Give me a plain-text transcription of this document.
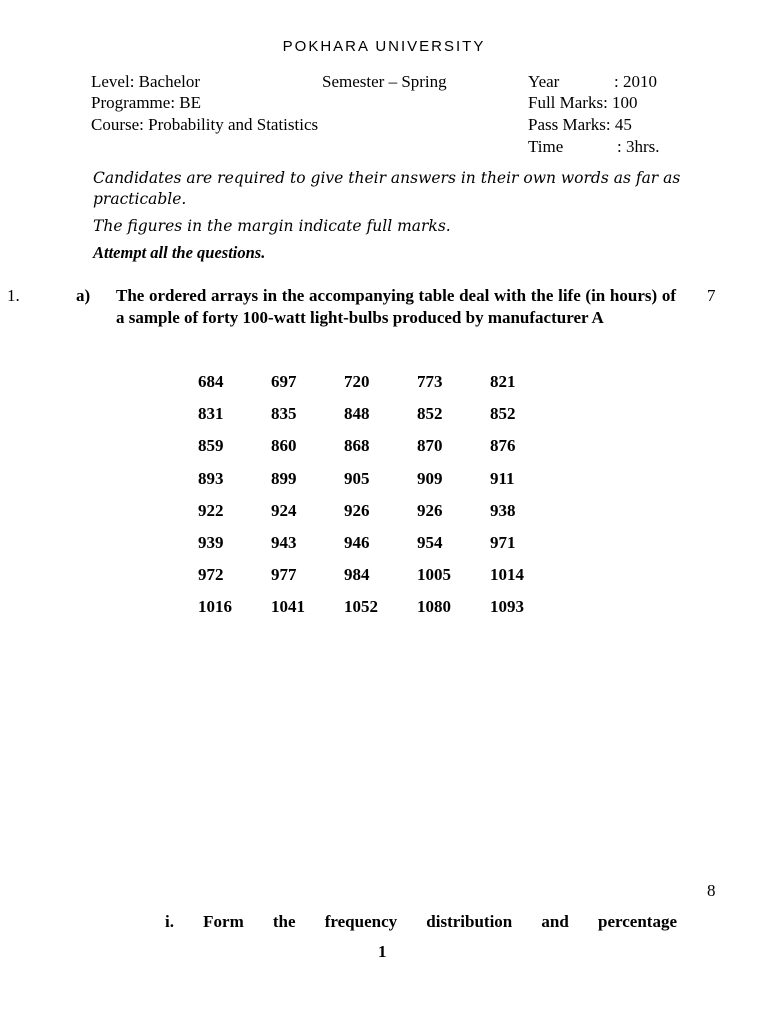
POKHARA UNIVERSITY
Level: Bachelor	Semester – Spring	Year	: 2010
Programme: BE	Full Marks: 100
Course: Probability and Statistics	Pass Marks: 45
Time	: 3hrs.
Candidates are required to give their answers in their own words as far as practicable.
The figures in the margin indicate full marks.
Attempt all the questions.
1.	a) The ordered arrays in the accompanying table deal with the life (in hours) of a sample of forty 100-watt light-bulbs produced by manufacturer A
7
684	697	720	773	821
831	835	848	852	852
859	860	868	870	876
893	899	905	909	911
922	924	926	926	938
939	943	946	954	971
972	977	984	1005	1014
1016	1041	1052	1080	1093
8
i. Form the frequency distribution and percentage
1
